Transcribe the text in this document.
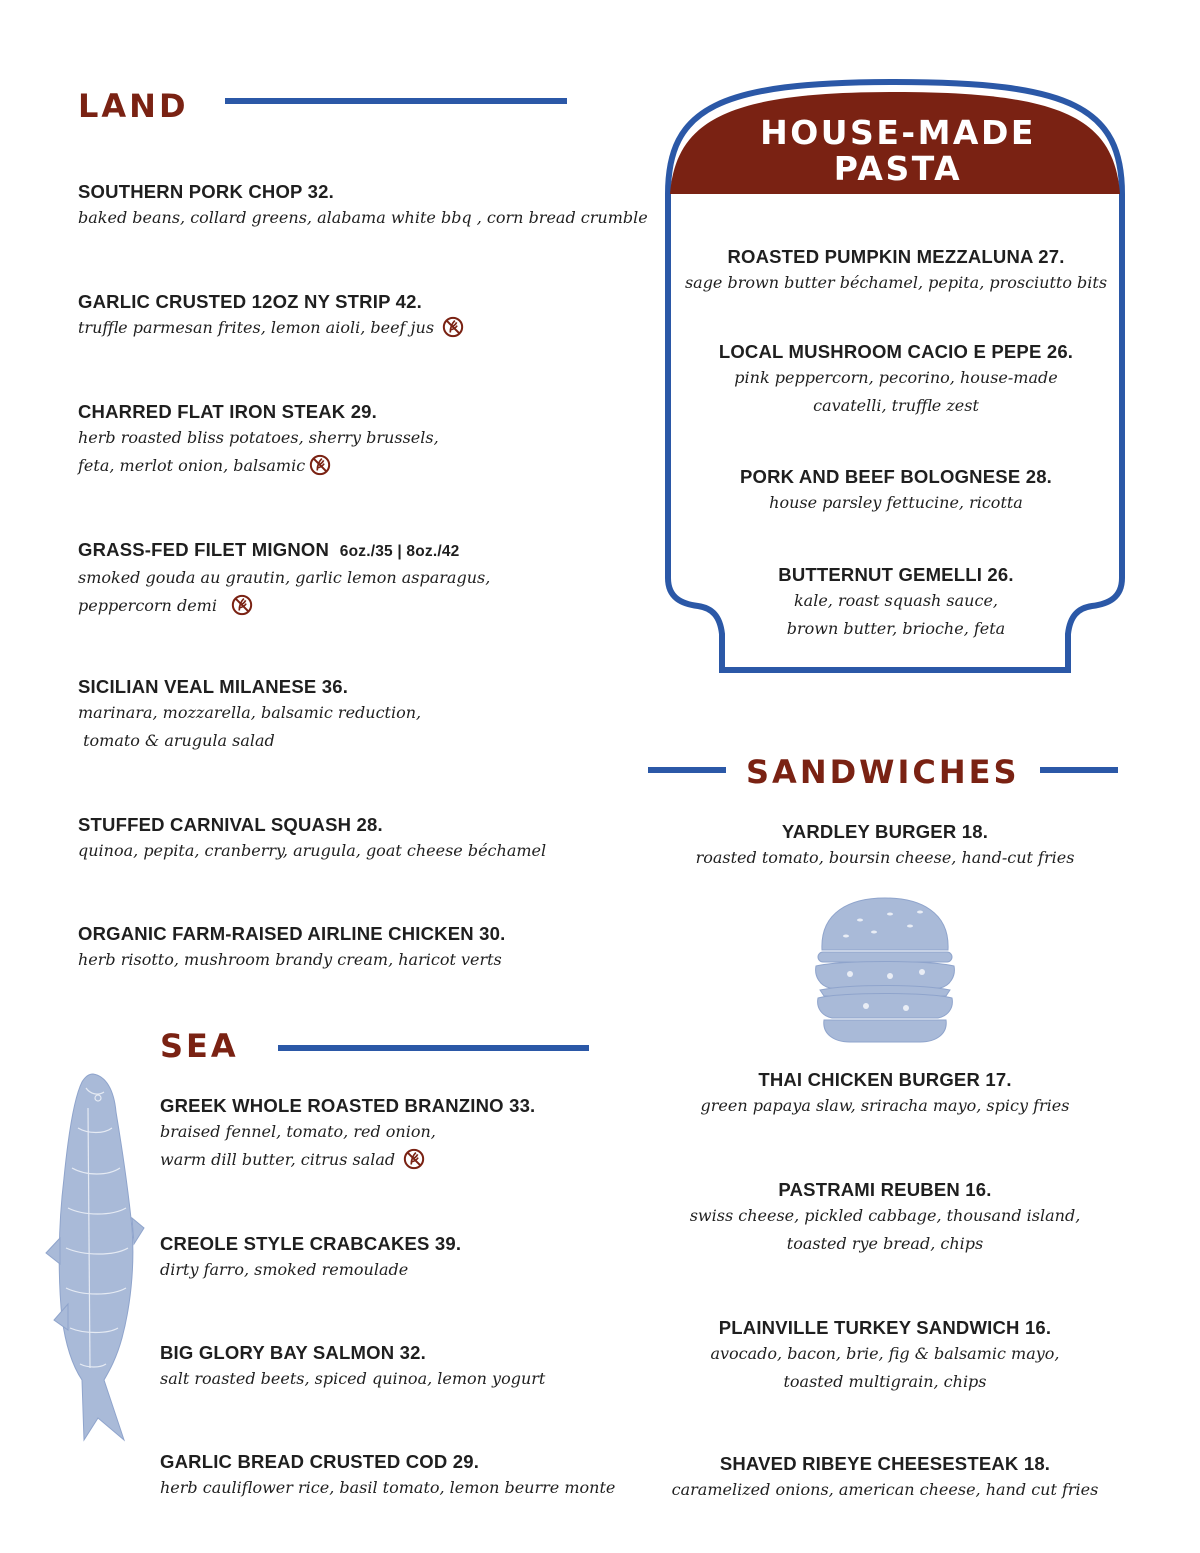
LAND
SOUTHERN PORK CHOP 32.
baked beans, collard greens, alabama white bbq , corn bread crumble
GARLIC CRUSTED 12OZ NY STRIP 42.
truffle parmesan frites, lemon aioli, beef jus
CHARRED FLAT IRON STEAK 29.
herb roasted bliss potatoes, sherry brussels,
feta, merlot onion, balsamic
GRASS-FED FILET MIGNON 6oz./35 | 8oz./42
smoked gouda au grautin, garlic lemon asparagus,
peppercorn demi
SICILIAN VEAL MILANESE 36.
marinara, mozzarella, balsamic reduction,
tomato & arugula salad
STUFFED CARNIVAL SQUASH 28.
quinoa, pepita, cranberry, arugula, goat cheese béchamel
ORGANIC FARM-RAISED AIRLINE CHICKEN 30.
herb risotto, mushroom brandy cream, haricot verts
SEA
GREEK WHOLE ROASTED BRANZINO 33.
braised fennel, tomato, red onion,
warm dill butter, citrus salad
CREOLE STYLE CRABCAKES 39.
dirty farro, smoked remoulade
BIG GLORY BAY SALMON 32.
salt roasted beets, spiced quinoa, lemon yogurt
GARLIC BREAD CRUSTED COD 29.
herb cauliflower rice, basil tomato, lemon beurre monte
HOUSE-MADE
PASTA
ROASTED PUMPKIN MEZZALUNA 27.
sage brown butter béchamel, pepita, prosciutto bits
LOCAL MUSHROOM CACIO E PEPE 26.
pink peppercorn, pecorino, house-made
cavatelli, truffle zest
PORK AND BEEF BOLOGNESE 28.
house parsley fettucine, ricotta
BUTTERNUT GEMELLI 26.
kale, roast squash sauce,
brown butter, brioche, feta
SANDWICHES
YARDLEY BURGER 18.
roasted tomato, boursin cheese, hand-cut fries
THAI CHICKEN BURGER 17.
green papaya slaw, sriracha mayo, spicy fries
PASTRAMI REUBEN 16.
swiss cheese, pickled cabbage, thousand island,
toasted rye bread, chips
PLAINVILLE TURKEY SANDWICH 16.
avocado, bacon, brie, fig & balsamic mayo,
toasted multigrain, chips
SHAVED RIBEYE CHEESESTEAK 18.
caramelized onions, american cheese, hand cut fries
